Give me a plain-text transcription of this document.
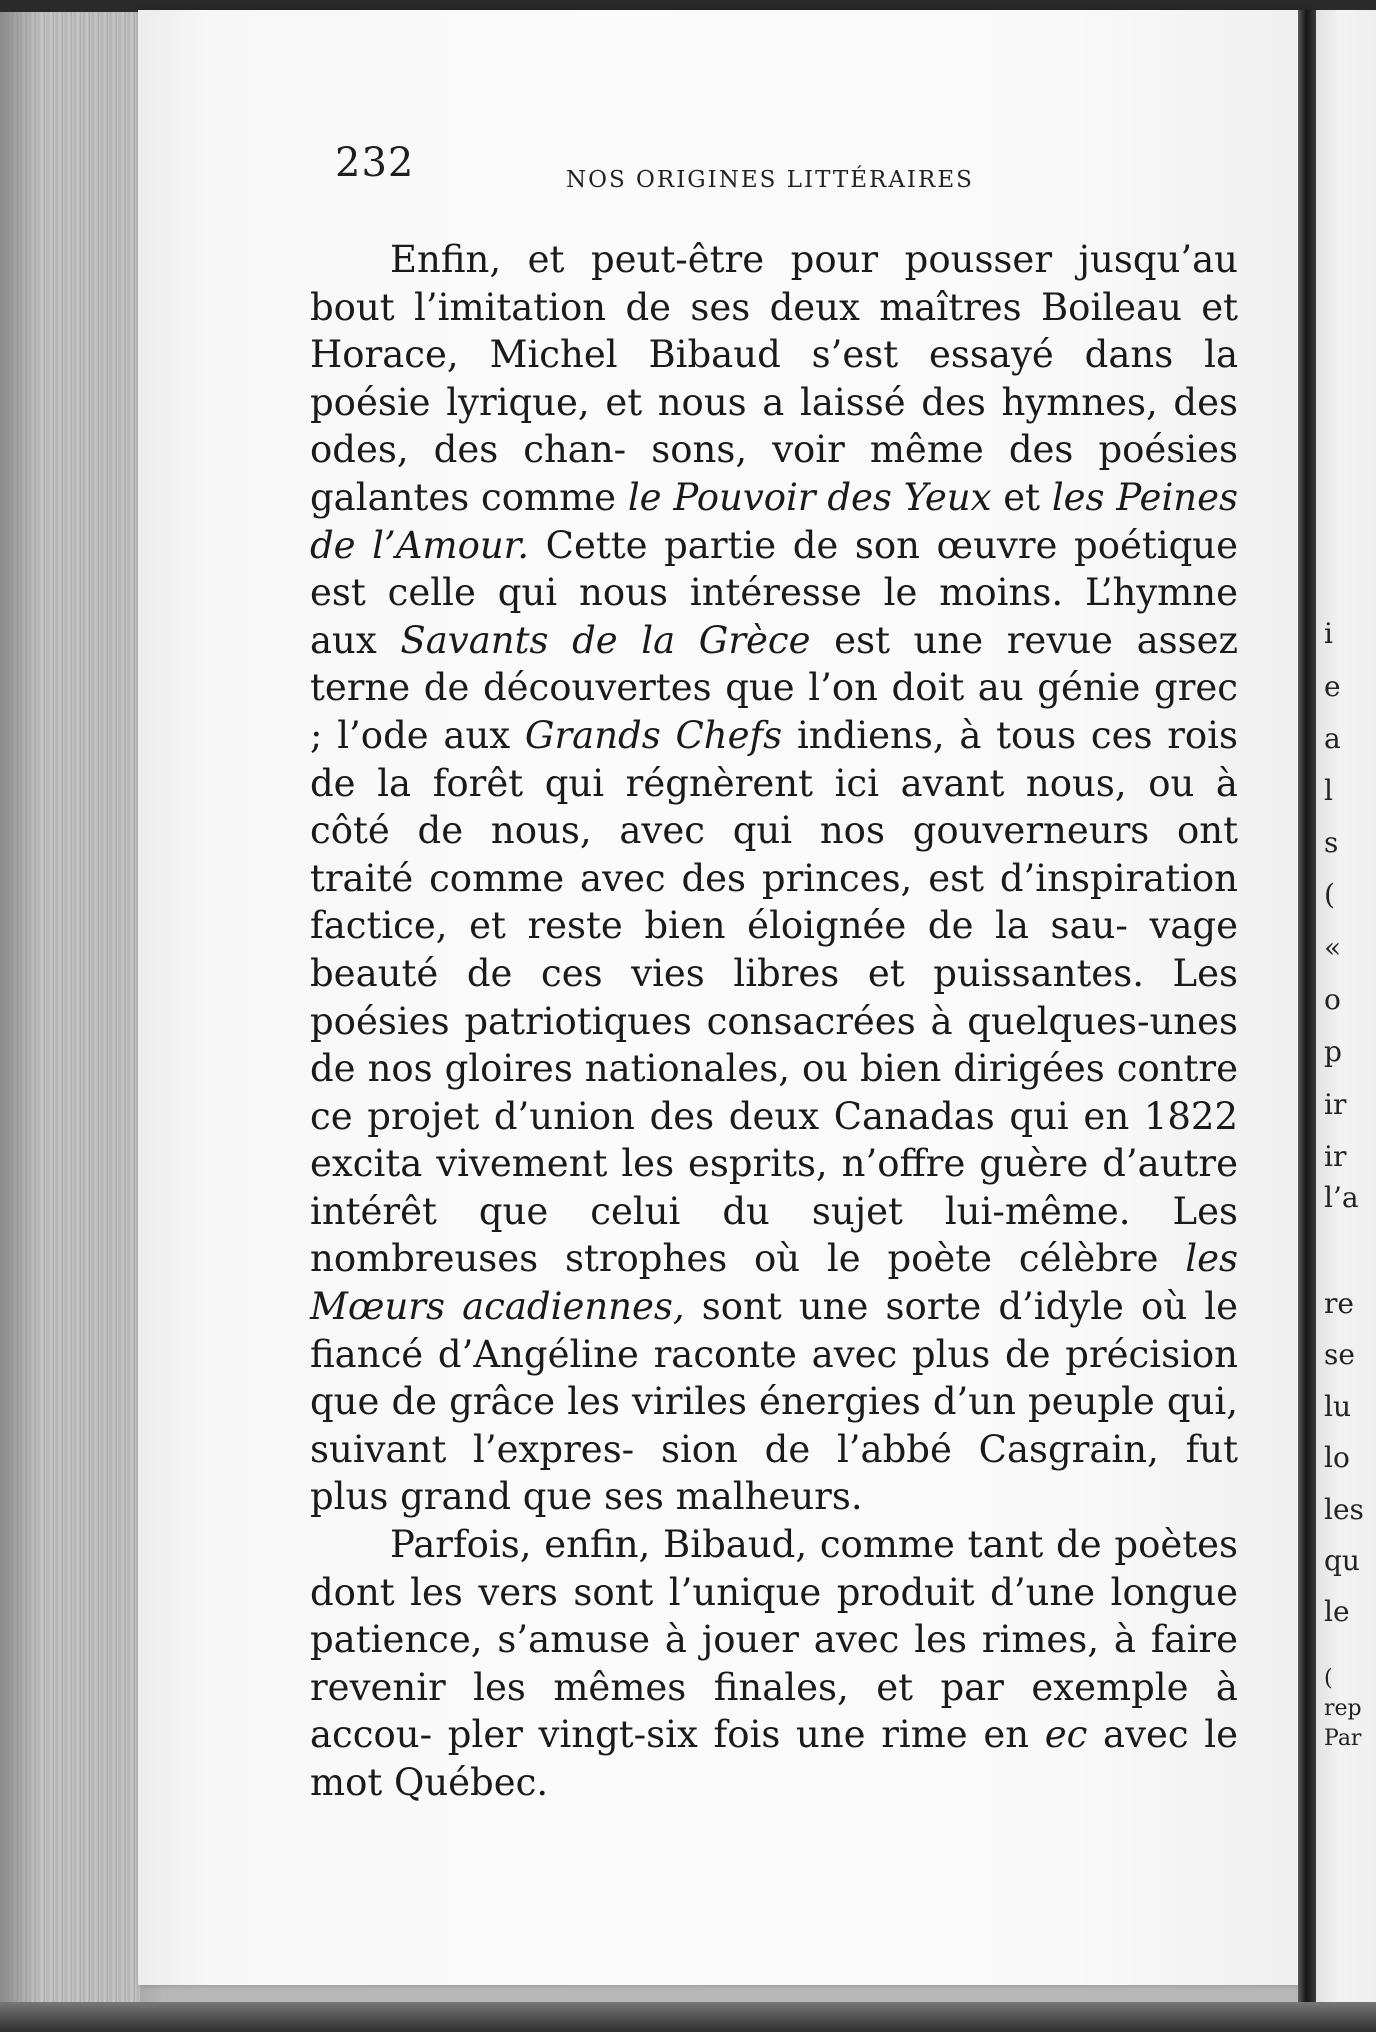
232	NOS ORIGINES LITTÉRAIRES

Enfin, et peut-être pour pousser jusqu’au bout l’imitation de ses deux maîtres Boileau et Horace, Michel Bibaud s’est essayé dans la poésie lyrique, et nous a laissé des hymnes, des odes, des chan- sons, voir même des poésies galantes comme le Pouvoir des Yeux et les Peines de l’Amour. Cette partie de son œuvre poétique est celle qui nous intéresse le moins. L’hymne aux Savants de la Grèce est une revue assez terne de découvertes que l’on doit au génie grec ; l’ode aux Grands Chefs indiens, à tous ces rois de la forêt qui régnèrent ici avant nous, ou à côté de nous, avec qui nos gouverneurs ont traité comme avec des princes, est d’inspiration factice, et reste bien éloignée de la sau- vage beauté de ces vies libres et puissantes. Les poésies patriotiques consacrées à quelques-unes de nos gloires nationales, ou bien dirigées contre ce projet d’union des deux Canadas qui en 1822 excita vivement les esprits, n’offre guère d’autre intérêt que celui du sujet lui-même. Les nombreuses strophes où le poète célèbre les Mœurs acadiennes, sont une sorte d’idyle où le fiancé d’Angéline raconte avec plus de précision que de grâce les viriles énergies d’un peuple qui, suivant l’expres- sion de l’abbé Casgrain, fut plus grand que ses malheurs.

Parfois, enfin, Bibaud, comme tant de poètes dont les vers sont l’unique produit d’une longue patience, s’amuse à jouer avec les rimes, à faire revenir les mêmes finales, et par exemple à accou- pler vingt-six fois une rime en ec avec le mot Québec.

i
e
a
l
s
(
«
o
p
ir
ir
l’a
re
se
lu
lo
les
qu
le
(
rep
Par
